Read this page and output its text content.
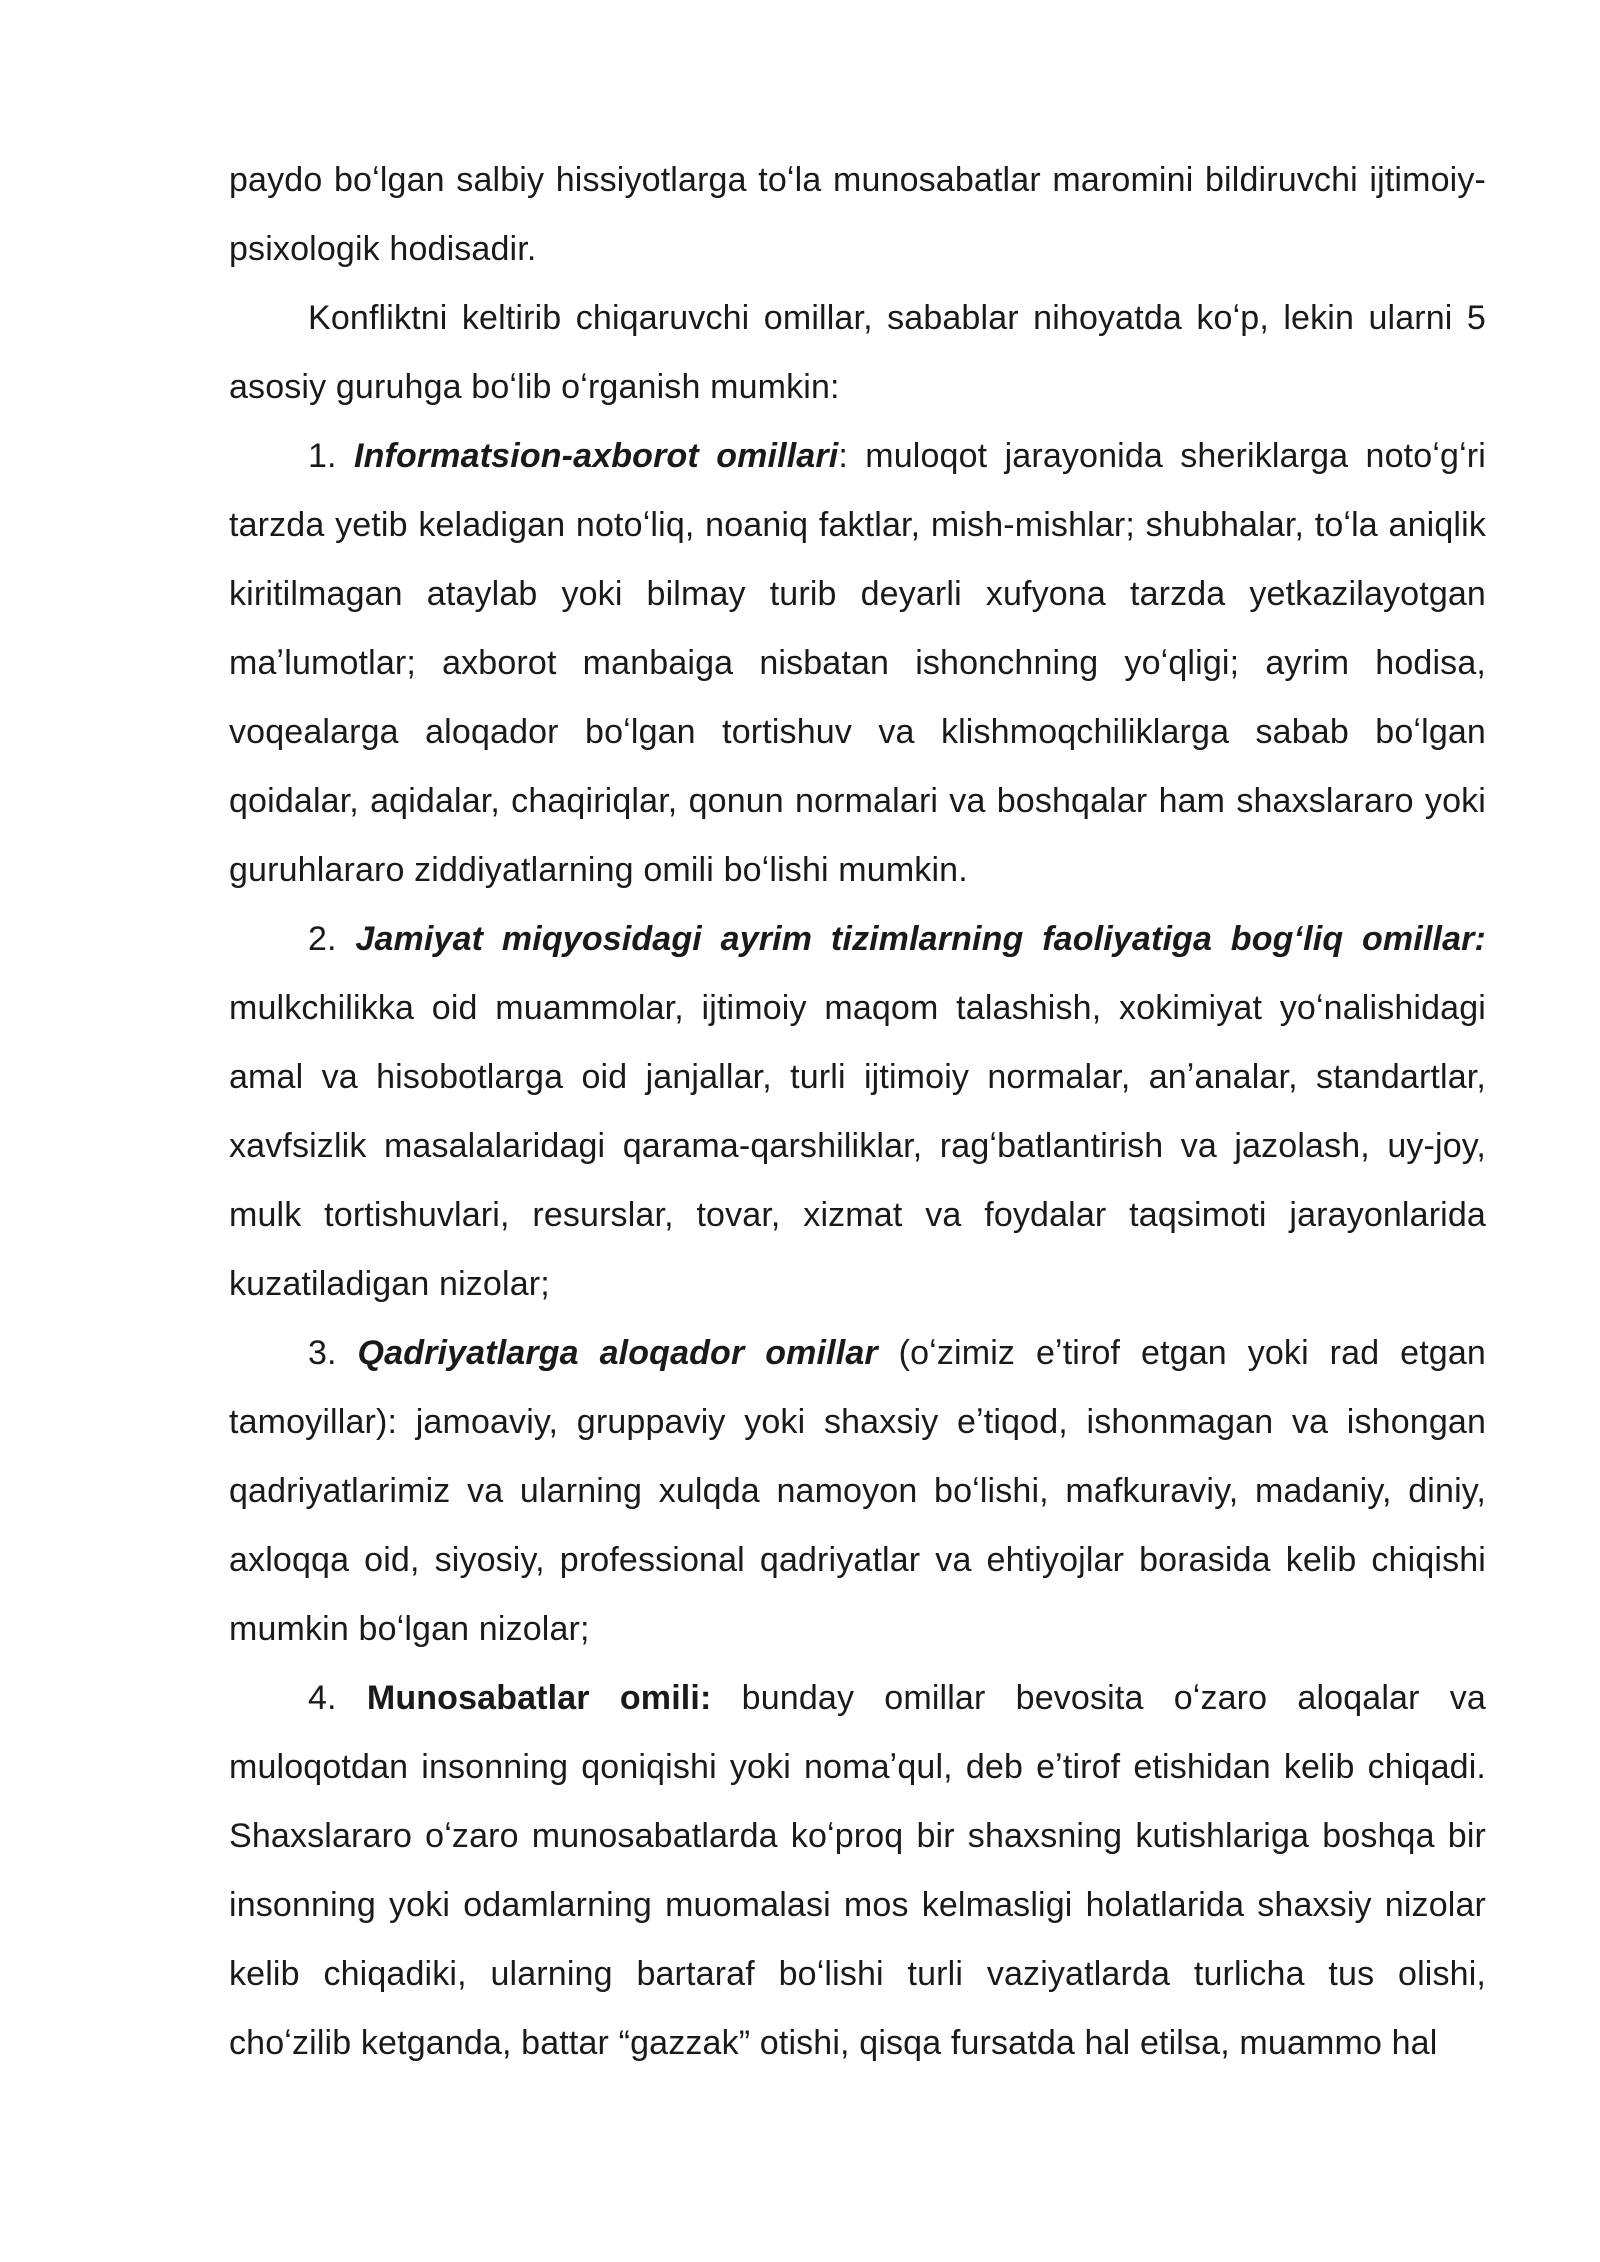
paydo boʻlgan salbiy hissiyotlarga toʻla munosabatlar maromini bildiruvchi ijtimoiy-psixologik hodisadir.

Konfliktni keltirib chiqaruvchi omillar, sabablar nihoyatda koʻp, lekin ularni 5 asosiy guruhga boʻlib oʻrganish mumkin:

1. Informatsion-axborot omillari: muloqot jarayonida sheriklarga notoʻgʻri tarzda yetib keladigan notoʻliq, noaniq faktlar, mish-mishlar; shubhalar, toʻla aniqlik kiritilmagan ataylab yoki bilmay turib deyarli xufyona tarzda yetkazilayotgan maʼlumotlar; axborot manbaiga nisbatan ishonchning yoʻqligi; ayrim hodisa, voqealarga aloqador boʻlgan tortishuv va klishmoqchiliklarga sabab boʻlgan qoidalar, aqidalar, chaqiriqlar, qonun normalari va boshqalar ham shaxslararo yoki guruhlararo ziddiyatlarning omili boʻlishi mumkin.

2. Jamiyat miqyosidagi ayrim tizimlarning faoliyatiga bogʻliq omillar: mulkchilikka oid muammolar, ijtimoiy maqom talashish, xokimiyat yoʻnalishidagi amal va hisobotlarga oid janjallar, turli ijtimoiy normalar, anʼanalar, standartlar, xavfsizlik masalalaridagi qarama-qarshiliklar, ragʻbatlantirish va jazolash, uy-joy, mulk tortishuvlari, resurslar, tovar, xizmat va foydalar taqsimoti jarayonlarida kuzatiladigan nizolar;

3. Qadriyatlarga aloqador omillar (oʻzimiz eʼtirof etgan yoki rad etgan tamoyillar): jamoaviy, gruppaviy yoki shaxsiy eʼtiqod, ishonmagan va ishongan qadriyatlarimiz va ularning xulqda namoyon boʻlishi, mafkuraviy, madaniy, diniy, axloqqa oid, siyosiy, professional qadriyatlar va ehtiyojlar borasida kelib chiqishi mumkin boʻlgan nizolar;

4. Munosabatlar omili: bunday omillar bevosita oʻzaro aloqalar va muloqotdan insonning qoniqishi yoki nomaʼqul, deb eʼtirof etishidan kelib chiqadi. Shaxslararo oʻzaro munosabatlarda koʻproq bir shaxsning kutishlariga boshqa bir insonning yoki odamlarning muomalasi mos kelmasligi holatlarida shaxsiy nizolar kelib chiqadiki, ularning bartaraf boʻlishi turli vaziyatlarda turlicha tus olishi, choʻzilib ketganda, battar “gazzak” otishi, qisqa fursatda hal etilsa, muammo hal
